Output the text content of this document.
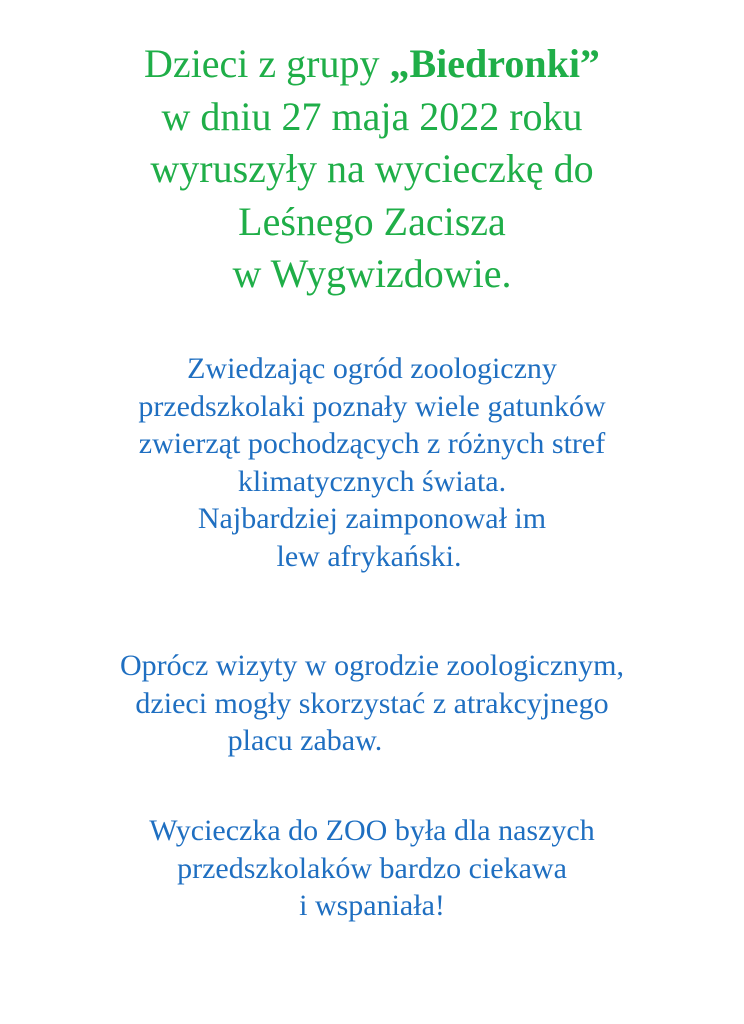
Dzieci z grupy „Biedronki”
w dniu 27 maja 2022 roku
wyruszyły na wycieczkę do
Leśnego Zacisza
w Wygwizdowie.
Zwiedzając ogród zoologiczny
przedszkolaki poznały wiele gatunków
zwierząt pochodzących z różnych stref
klimatycznych świata.
Najbardziej zaimponował im
lew afrykański.
Oprócz wizyty w ogrodzie zoologicznym,
dzieci mogły skorzystać z atrakcyjnego
placu zabaw.
Wycieczka do ZOO była dla naszych
przedszkolaków bardzo ciekawa
i wspaniała!
